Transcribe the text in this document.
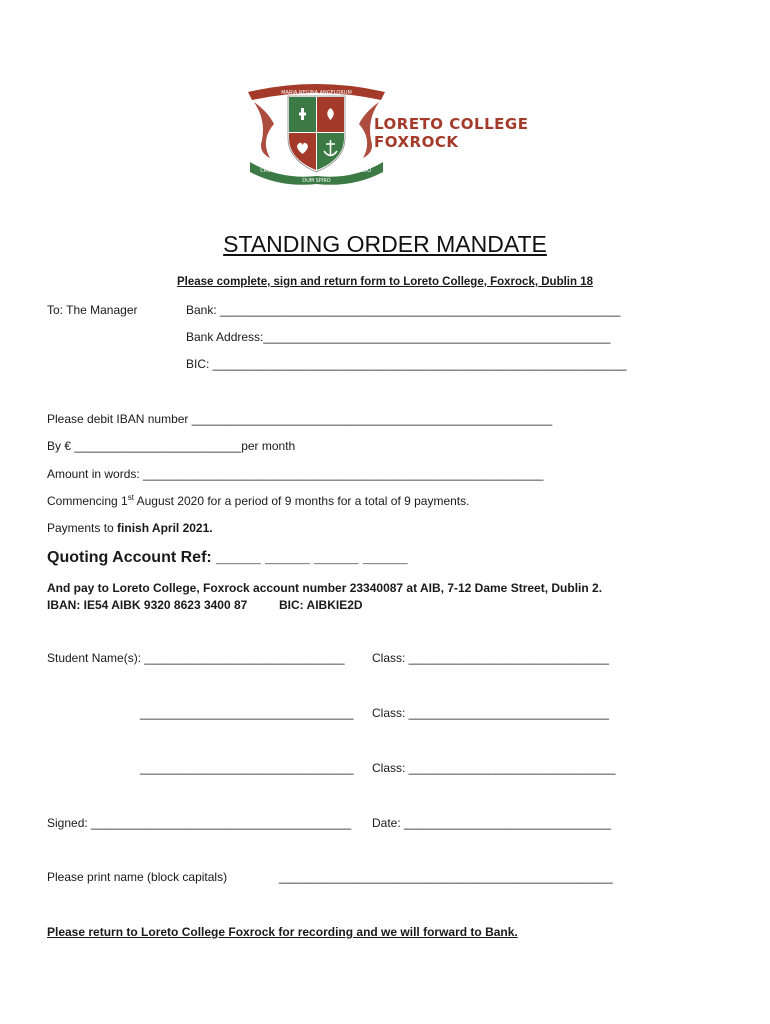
MARIA REGINA ANGELORUM
CRUCI
DUM SPIRO
FIDO
LORETO COLLEGE
FOXROCK
STANDING ORDER MANDATE
Please complete, sign and return form to Loreto College, Foxrock, Dublin 18
To: The Manager	Bank: ____________________________________________________________
Bank Address:____________________________________________________
BIC: ______________________________________________________________
Please debit IBAN number ______________________________________________________
By € _________________________per month
Amount in words: ____________________________________________________________
Commencing 1st August 2020 for a period of 9 months for a total of 9 payments.
Payments to finish April 2021.
Quoting Account Ref: _____ _____ _____ _____
And pay to Loreto College, Foxrock account number 23340087 at AIB, 7-12 Dame Street, Dublin 2.
IBAN: IE54 AIBK 9320 8623 3400 87	BIC: AIBKIE2D
Student Name(s): ______________________________ Class: ______________________________
________________________________ Class: ______________________________
________________________________ Class: _______________________________
Signed: _______________________________________ Date: _______________________________
Please print name (block capitals)	__________________________________________________
Please return to Loreto College Foxrock for recording and we will forward to Bank.
